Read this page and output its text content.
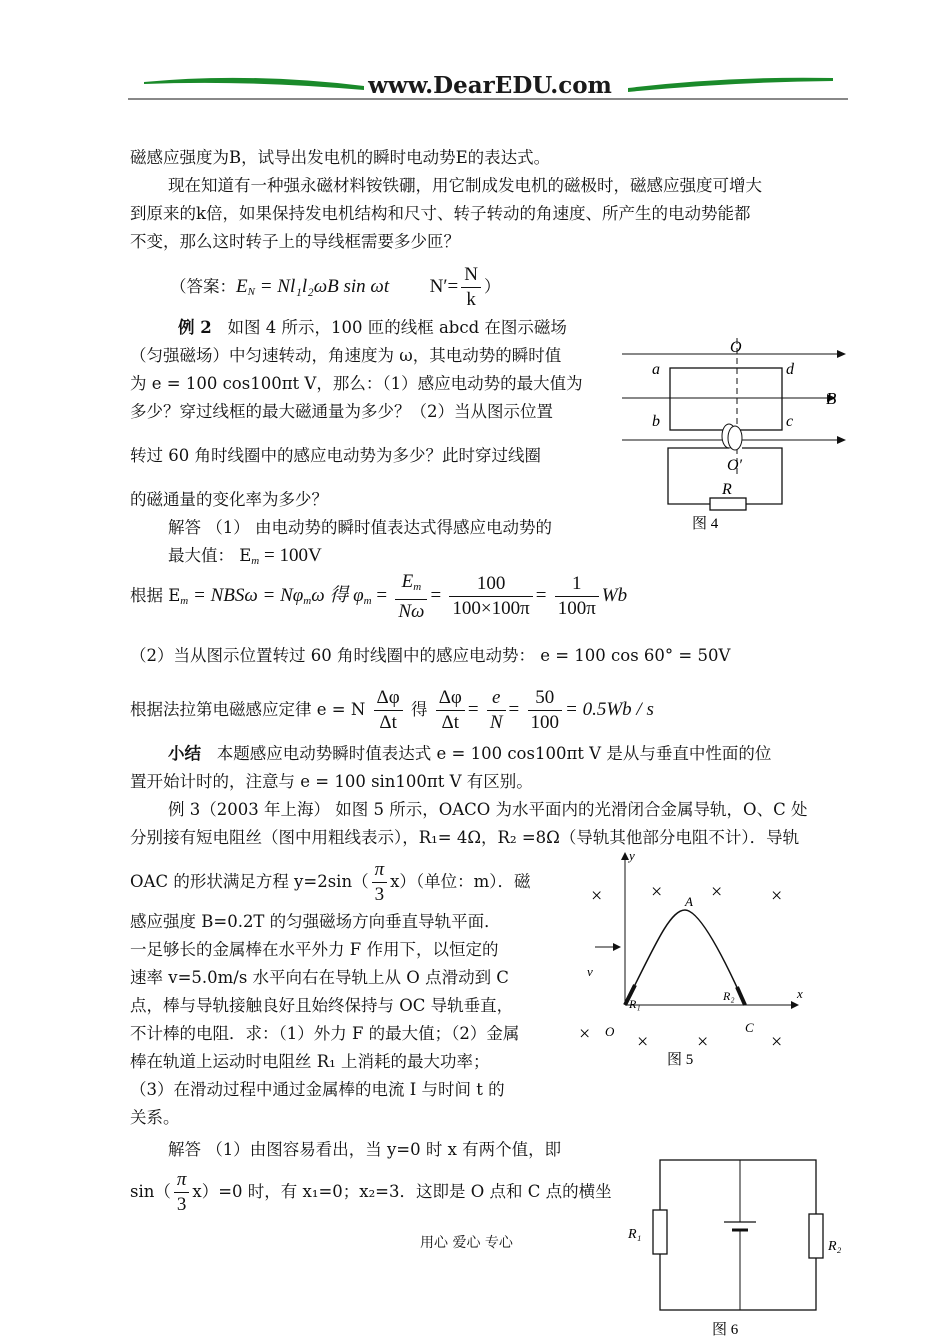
www.DearEDU.com
磁感应强度为B，试导出发电机的瞬时电动势E的表达式。
现在知道有一种强永磁材料铵铁硼，用它制成发电机的磁极时，磁感应强度可增大
到原来的k倍，如果保持发电机结构和尺寸、转子转动的角速度、所产生的电动势能都
不变，那么这时转子上的导线框需要多少匝？
（答案：$E_N = Nl_1l_2\omega B$ sin ωt $N'= \frac{N}{k}$ ）
例 2 如图 4 所示，100 匝的线框 abcd 在图示磁场
（匀强磁场）中匀速转动，角速度为 ω，其电动势的瞬时值
为 e = 100 cos100πt V，那么：（1）感应电动势的最大值为
多少？穿过线框的最大磁通量为多少？（2）当从图示位置
转过 60 角时线圈中的感应电动势为多少？此时穿过线圈
的磁通量的变化率为多少？
解答 （1） 由电动势的瞬时值表达式得感应电动势的
最大值： $E_m = 100V$
根据 $E_m = NBS\omega = N\varphi_m\omega$ 得 $\varphi_m = \frac{E_m}{N\omega} = \frac{100}{100\times 100\pi} = \frac{1}{100\pi}$ Wb
（2）当从图示位置转过 60 角时线圈中的感应电动势： e = 100 cos 60° = 50V
根据法拉第电磁感应定律 e = N $\frac{\Delta\varphi}{\Delta t}$ 得 $\frac{\Delta\varphi}{\Delta t} = \frac{e}{N} = \frac{50}{100} = 0.5Wb / s$
小结 本题感应电动势瞬时值表达式 e = 100 cos100πt V 是从与垂直中性面的位
置开始计时的，注意与 e = 100 sin100πt V 有区别。
例 3（2003 年上海） 如图 5 所示，OACO 为水平面内的光滑闭合金属导轨，O、C 处
分别接有短电阻丝（图中用粗线表示），R₁= 4Ω，R₂ =8Ω（导轨其他部分电阻不计）．导轨
OAC 的形状满足方程 $y=2\sin( \frac{\pi}{3} x)$（单位：m）．磁
感应强度 B=0.2T 的匀强磁场方向垂直导轨平面．
一足够长的金属棒在水平外力 F 作用下，以恒定的
速率 v=5.0m/s 水平向右在导轨上从 O 点滑动到 C
点，棒与导轨接触良好且始终保持与 OC 导轨垂直，
不计棒的电阻．求：（1）外力 F 的最大值；（2）金属
棒在轨道上运动时电阻丝 R₁ 上消耗的最大功率；
（3）在滑动过程中通过金属棒的电流 I 与时间 t 的
关系。
解答 （1）由图容易看出，当 y=0 时 x 有两个值，即
$\sin( \frac{\pi}{3} x)=0$ 时，有 x₁=0；x₂=3．这即是 O 点和 C 点的横坐
O
O′
a	d
b	c
B
R
图 4
× × × ×
× × ×	×
y
x
A
O	C
v
R₁
R₂
图 5
R₁
R₂
图 6
用心 爱心 专心
